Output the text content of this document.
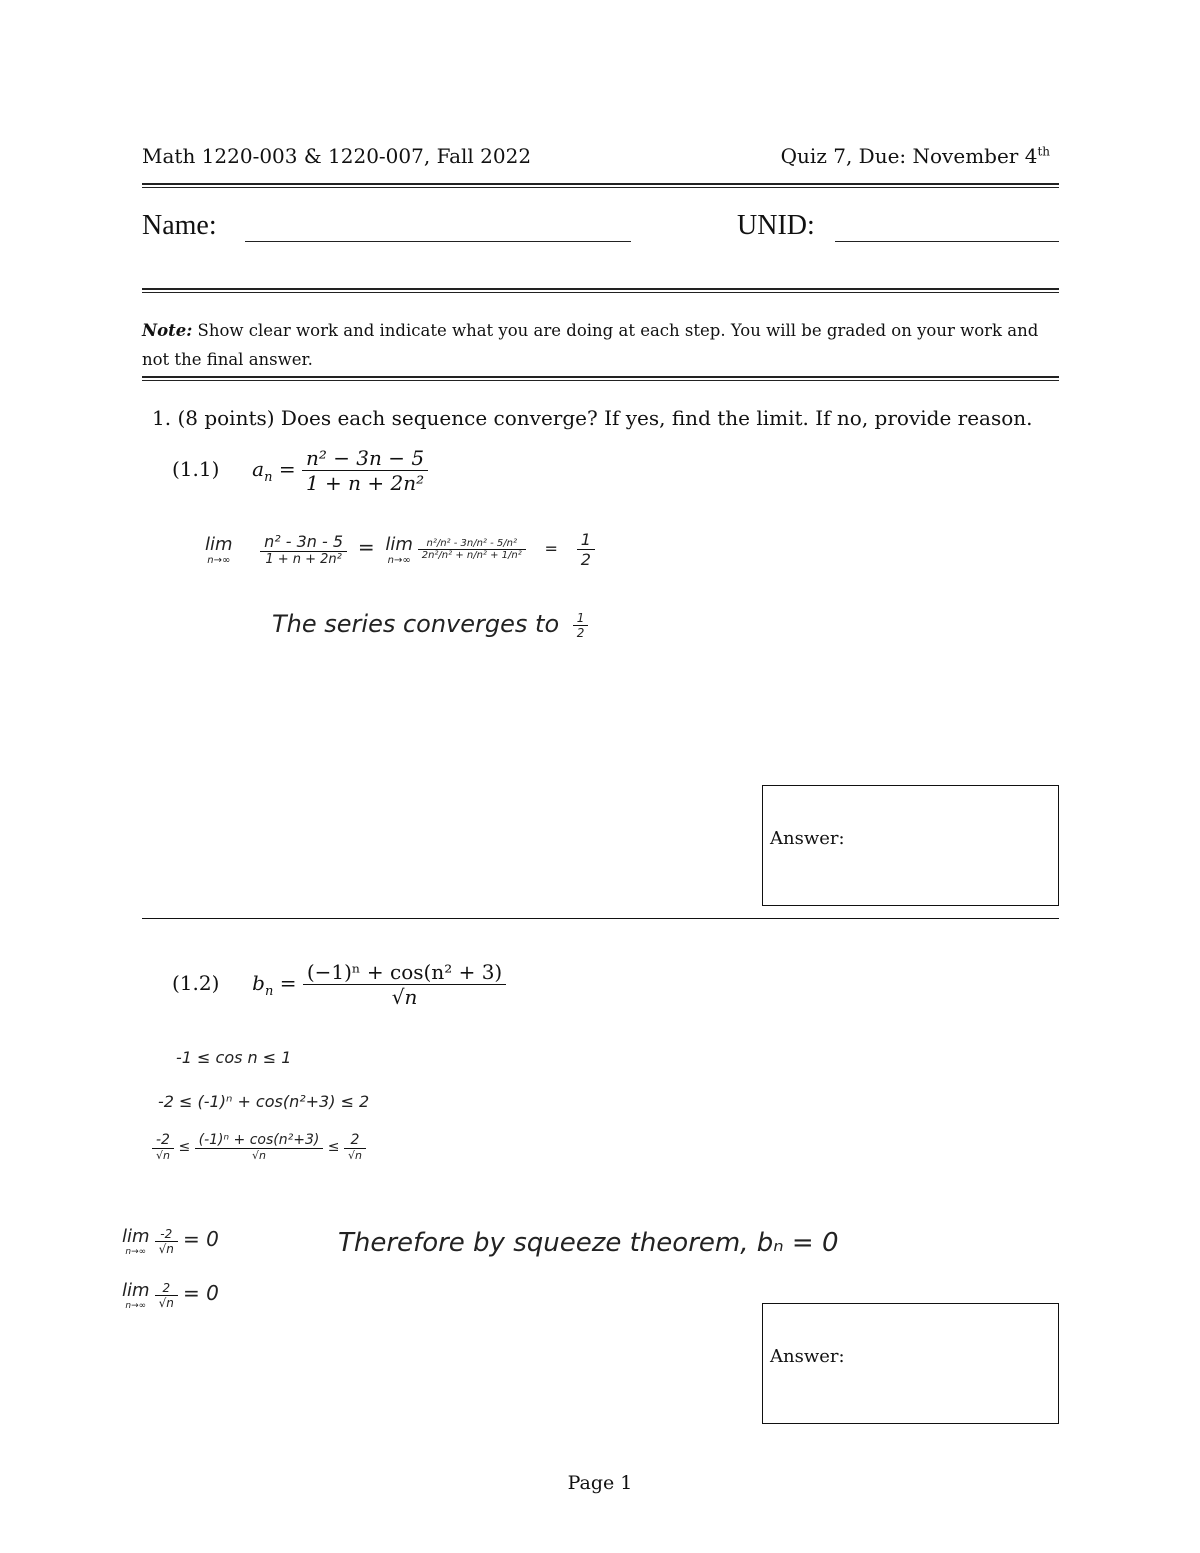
Math 1220-003 & 1220-007, Fall 2022	Quiz 7, Due: November 4th
Name:	UNID:
Note: Show clear work and indicate what you are doing at each step. You will be graded on your work and not the final answer.
1. (8 points) Does each sequence converge? If yes, find the limit. If no, provide reason.
(1.1) $a_n = \frac{\text{n² − 3n − 5}}{\text{1 + n + 2n²}}$
lim
n→∞
$\frac{\text{n² - 3n - 5}}{\text{1 + n + 2n²}} = \lim$
n→∞
$\frac{\text{n²/n² - 3n/n² - 5/n²}}{\text{2n²/n² + n/n² + 1/n²}} = \frac{1}{2}$
The series converges to $\frac{1}{2}$
Answer:
(1.2) $b_n = \frac{\text{(−1)ⁿ + cos(n² + 3)}}{√n}$
-1 ≤ cos n ≤ 1
-2 ≤ (-1)ⁿ + cos(n²+3) ≤ 2
$\frac{-2}{√n} \le \frac{\text{(-1)ⁿ + cos(n²+3)}}{√n} \le \frac{2}{√n}$
lim
n→∞
$\frac{-2}{√n} = 0$
lim
n→∞
$\frac{2}{√n} = 0$
Therefore by squeeze theorem, bₙ = 0
Answer:
Page 1
